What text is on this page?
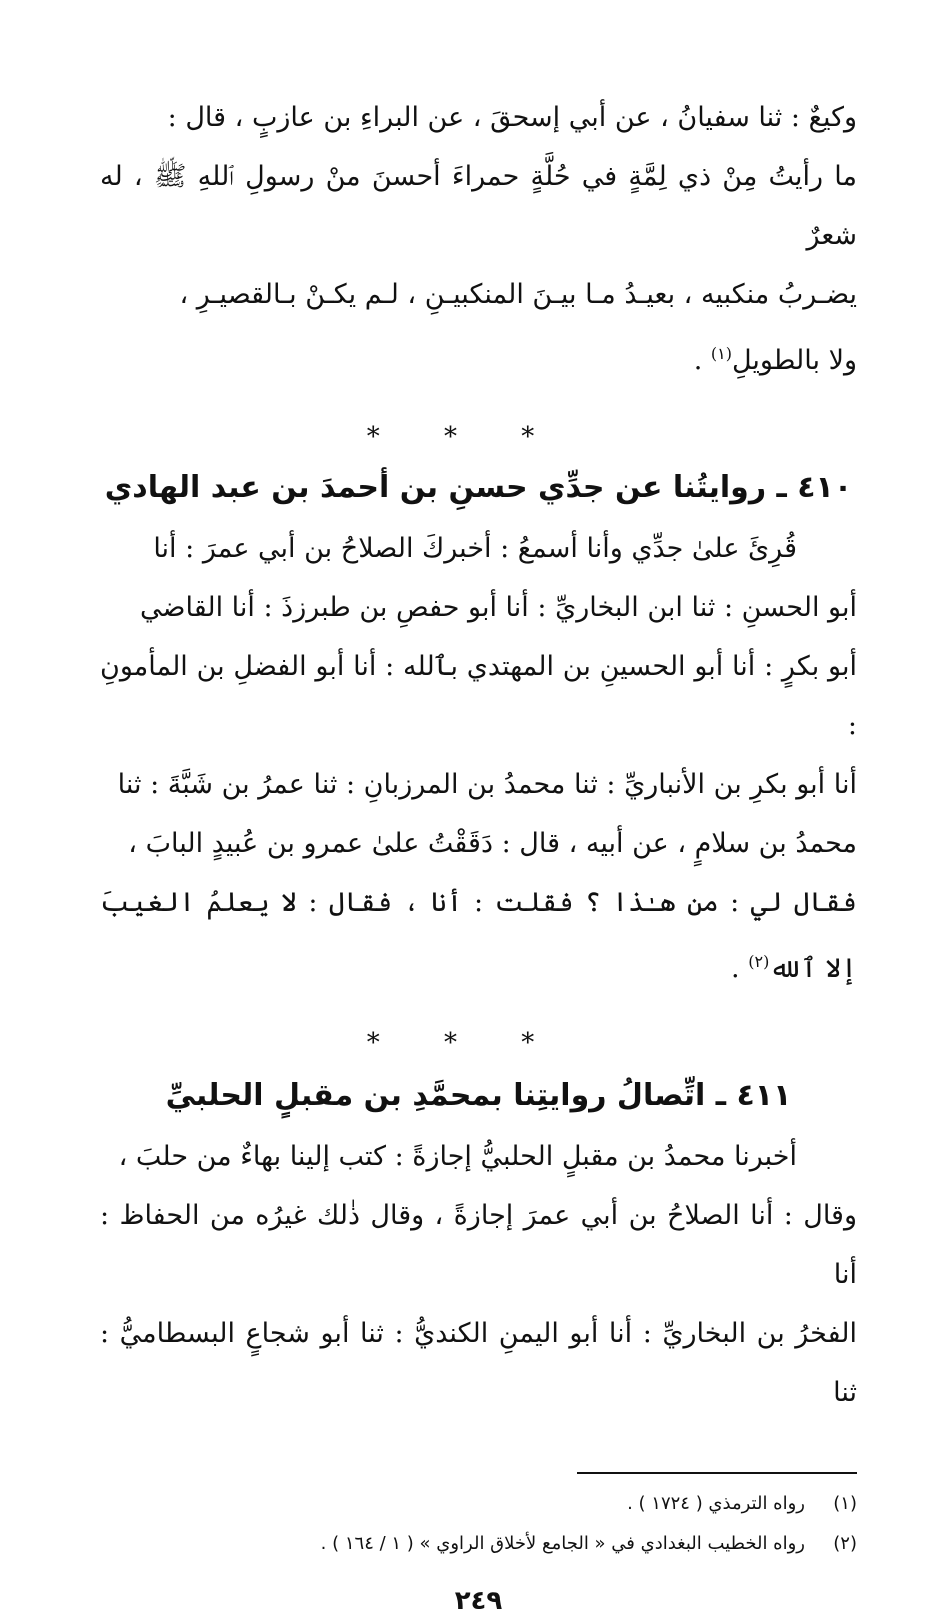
وكيعٌ : ثنا سفيانُ ، عن أبي إسحقَ ، عن البراءِ بن عازبٍ ، قال :

ما رأيتُ مِنْ ذي لِمَّةٍ في حُلَّةٍ حمراءَ أحسنَ منْ رسولِ ٱللهِ ﷺ ، له شعرٌ

يضـربُ منكبيه ، بعيـدُ مـا بيـنَ المنكبيـنِ ، لـم يكـنْ بـالقصيـرِ ،

ولا بالطويلِ$^{(١)}$ .

* * *

٤١٠ ـ روايتُنا عن جدِّي حسنِ بن أحمدَ بن عبد الهادي

قُرِئَ علىٰ جدِّي وأنا أسمعُ : أخبركَ الصلاحُ بن أبي عمرَ : أنا

أبو الحسنِ : ثنا ابن البخاريِّ : أنا أبو حفصِ بن طبرزذَ : أنا القاضي

أبو بكرٍ : أنا أبو الحسينِ بن المهتدي بٱلله : أنا أبو الفضلِ بن المأمونِ :

أنا أبو بكرِ بن الأنباريِّ : ثنا محمدُ بن المرزبانِ : ثنا عمرُ بن شَبَّةَ : ثنا

محمدُ بن سلامٍ ، عن أبيه ، قال : دَقَقْتُ علىٰ عمرو بن عُبيدٍ البابَ ،

فقال لي : من هـٰذا ؟ فقلت : أنا ، فقال : لا يعلمُ الغيبَ إلا ٱلله$^{(٢)}$ .

* * *

٤١١ ـ اتِّصالُ روايتِنا بمحمَّدِ بن مقبلٍ الحلبيِّ

أخبرنا محمدُ بن مقبلٍ الحلبيُّ إجازةً : كتب إلينا بهاءٌ من حلبَ ،

وقال : أنا الصلاحُ بن أبي عمرَ إجازةً ، وقال ذٰلك غيرُه من الحفاظ : أنا

الفخرُ بن البخاريِّ : أنا أبو اليمنِ الكنديُّ : ثنا أبو شجاعٍ البسطاميُّ : ثنا

(١)رواه الترمذي ( ١٧٢٤ ) .

(٢)رواه الخطيب البغدادي في « الجامع لأخلاق الراوي » ( ١ / ١٦٤ ) .

٢٤٩
